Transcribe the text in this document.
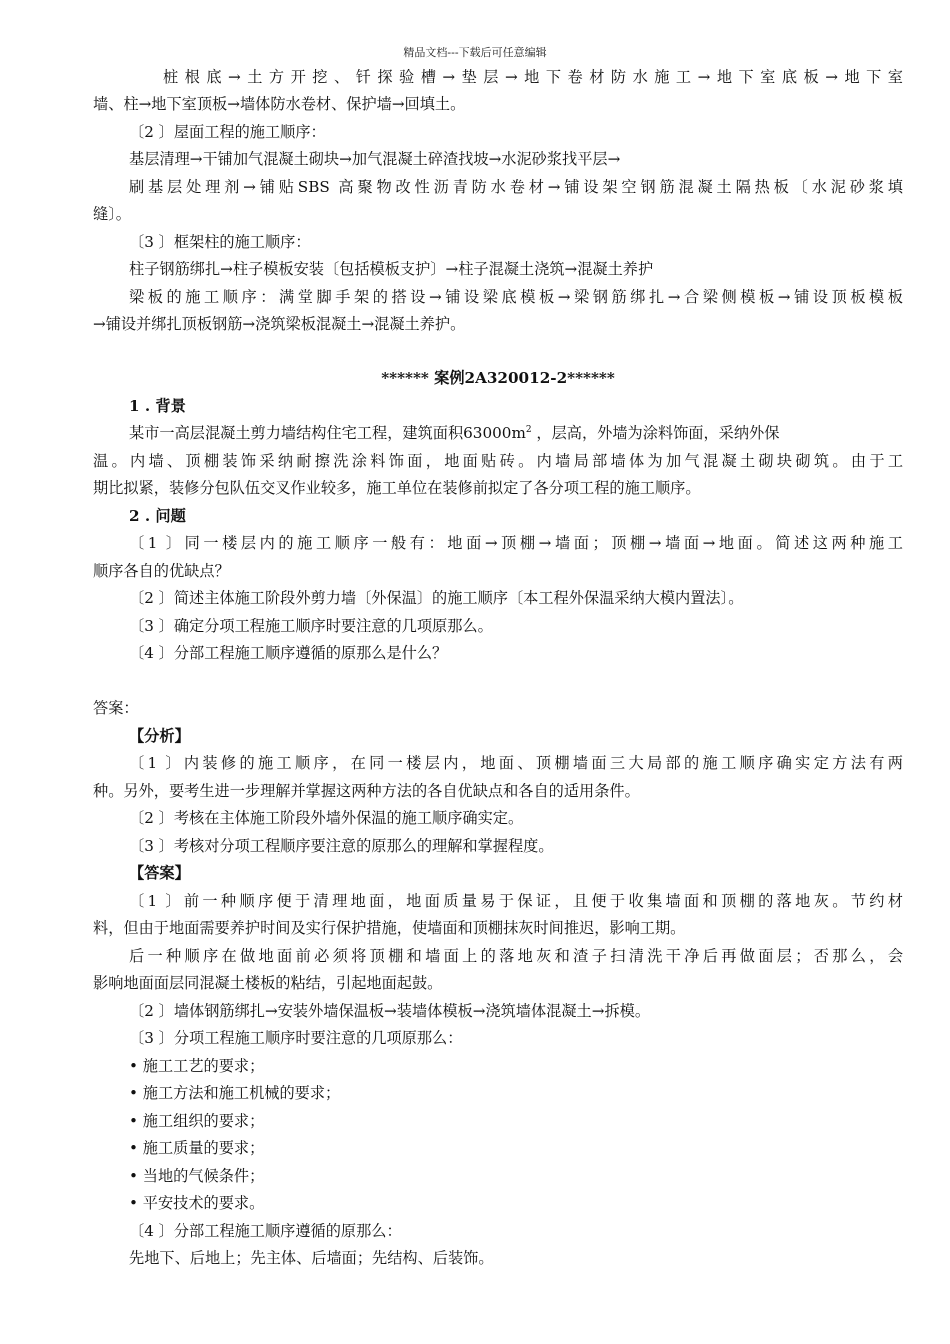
精品文档---下载后可任意编辑
桩根底→土方开挖、钎探验槽→垫层→地下卷材防水施工→地下室底板→地下室
墙、柱→地下室顶板→墙体防水卷材、保护墙→回填土。
〔2 〕屋面工程的施工顺序：
基层清理→干铺加气混凝土砌块→加气混凝土碎渣找坡→水泥砂浆找平层→
刷基层处理剂→铺贴SBS 高聚物改性沥青防水卷材→铺设架空钢筋混凝土隔热板〔水泥砂浆填
缝〕。
〔3 〕框架柱的施工顺序：
柱子钢筋绑扎→柱子模板安装〔包括模板支护〕→柱子混凝土浇筑→混凝土养护
梁板的施工顺序：满堂脚手架的搭设→铺设梁底模板→梁钢筋绑扎→合梁侧模板→铺设顶板模板
→铺设并绑扎顶板钢筋→浇筑梁板混凝土→混凝土养护。
****** 案例2A320012-2******
1 . 背景
某市一高层混凝土剪力墙结构住宅工程，建筑面积$63000m^2$ ，层高，外墙为涂料饰面，采纳外保
温。内墙、顶棚装饰采纳耐擦洗涂料饰面，地面贴砖。内墙局部墙体为加气混凝土砌块砌筑。由于工
期比拟紧，装修分包队伍交叉作业较多，施工单位在装修前拟定了各分项工程的施工顺序。
2 . 问题
〔1 〕同一楼层内的施工顺序一般有：地面→顶棚→墙面；顶棚→墙面→地面。简述这两种施工
顺序各自的优缺点？
〔2 〕简述主体施工阶段外剪力墙〔外保温〕的施工顺序〔本工程外保温采纳大模内置法〕。
〔3 〕确定分项工程施工顺序时要注意的几项原那么。
〔4 〕分部工程施工顺序遵循的原那么是什么？
答案：
【分析】
〔1 〕内装修的施工顺序，在同一楼层内，地面、顶棚墙面三大局部的施工顺序确实定方法有两
种。另外，要考生进一步理解并掌握这两种方法的各自优缺点和各自的适用条件。
〔2 〕考核在主体施工阶段外墙外保温的施工顺序确实定。
〔3 〕考核对分项工程顺序要注意的原那么的理解和掌握程度。
【答案】
〔1 〕前一种顺序便于清理地面，地面质量易于保证，且便于收集墙面和顶棚的落地灰。节约材
料，但由于地面需要养护时间及实行保护措施，使墙面和顶棚抹灰时间推迟，影响工期。
后一种顺序在做地面前必须将顶棚和墙面上的落地灰和渣子扫清洗干净后再做面层；否那么，会
影响地面面层同混凝土楼板的粘结，引起地面起鼓。
〔2 〕墙体钢筋绑扎→安装外墙保温板→装墙体模板→浇筑墙体混凝土→拆模。
〔3 〕分项工程施工顺序时要注意的几项原那么：
• 施工工艺的要求；
• 施工方法和施工机械的要求；
• 施工组织的要求；
• 施工质量的要求；
• 当地的气候条件；
• 平安技术的要求。
〔4 〕分部工程施工顺序遵循的原那么：
先地下、后地上；先主体、后墙面；先结构、后装饰。
